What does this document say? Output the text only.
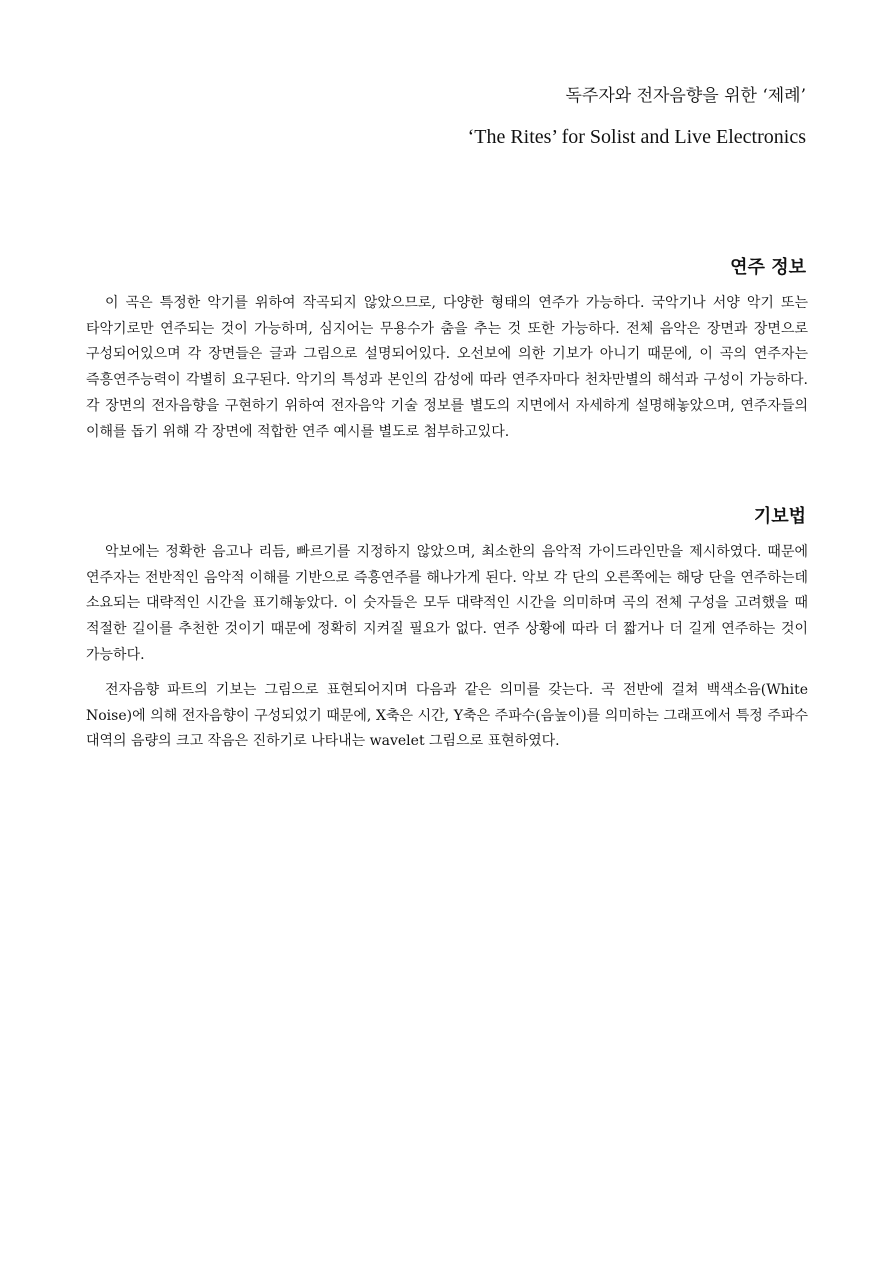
독주자와 전자음향을 위한 ‘제례’
‘The Rites’ for Solist and Live Electronics
연주 정보

이 곡은 특정한 악기를 위하여 작곡되지 않았으므로, 다양한 형태의 연주가 가능하다. 국악기나 서양 악기 또는 타악기로만 연주되는 것이 가능하며, 심지어는 무용수가 춤을 추는 것 또한 가능하다. 전체 음악은 장면과 장면으로 구성되어있으며 각 장면들은 글과 그림으로 설명되어있다. 오선보에 의한 기보가 아니기 때문에, 이 곡의 연주자는 즉흥연주능력이 각별히 요구된다. 악기의 특성과 본인의 감성에 따라 연주자마다 천차만별의 해석과 구성이 가능하다. 각 장면의 전자음향을 구현하기 위하여 전자음악 기술 정보를 별도의 지면에서 자세하게 설명해놓았으며, 연주자들의 이해를 돕기 위해 각 장면에 적합한 연주 예시를 별도로 첨부하고있다.

기보법

악보에는 정확한 음고나 리듬, 빠르기를 지정하지 않았으며, 최소한의 음악적 가이드라인만을 제시하였다. 때문에 연주자는 전반적인 음악적 이해를 기반으로 즉흥연주를 해나가게 된다. 악보 각 단의 오른쪽에는 해당 단을 연주하는데 소요되는 대략적인 시간을 표기해놓았다. 이 숫자들은 모두 대략적인 시간을 의미하며 곡의 전체 구성을 고려했을 때 적절한 길이를 추천한 것이기 때문에 정확히 지켜질 필요가 없다. 연주 상황에 따라 더 짧거나 더 길게 연주하는 것이 가능하다.

전자음향 파트의 기보는 그림으로 표현되어지며 다음과 같은 의미를 갖는다. 곡 전반에 걸쳐 백색소음(White Noise)에 의해 전자음향이 구성되었기 때문에, X축은 시간, Y축은 주파수(음높이)를 의미하는 그래프에서 특정 주파수 대역의 음량의 크고 작음은 진하기로 나타내는 wavelet 그림으로 표현하였다.
